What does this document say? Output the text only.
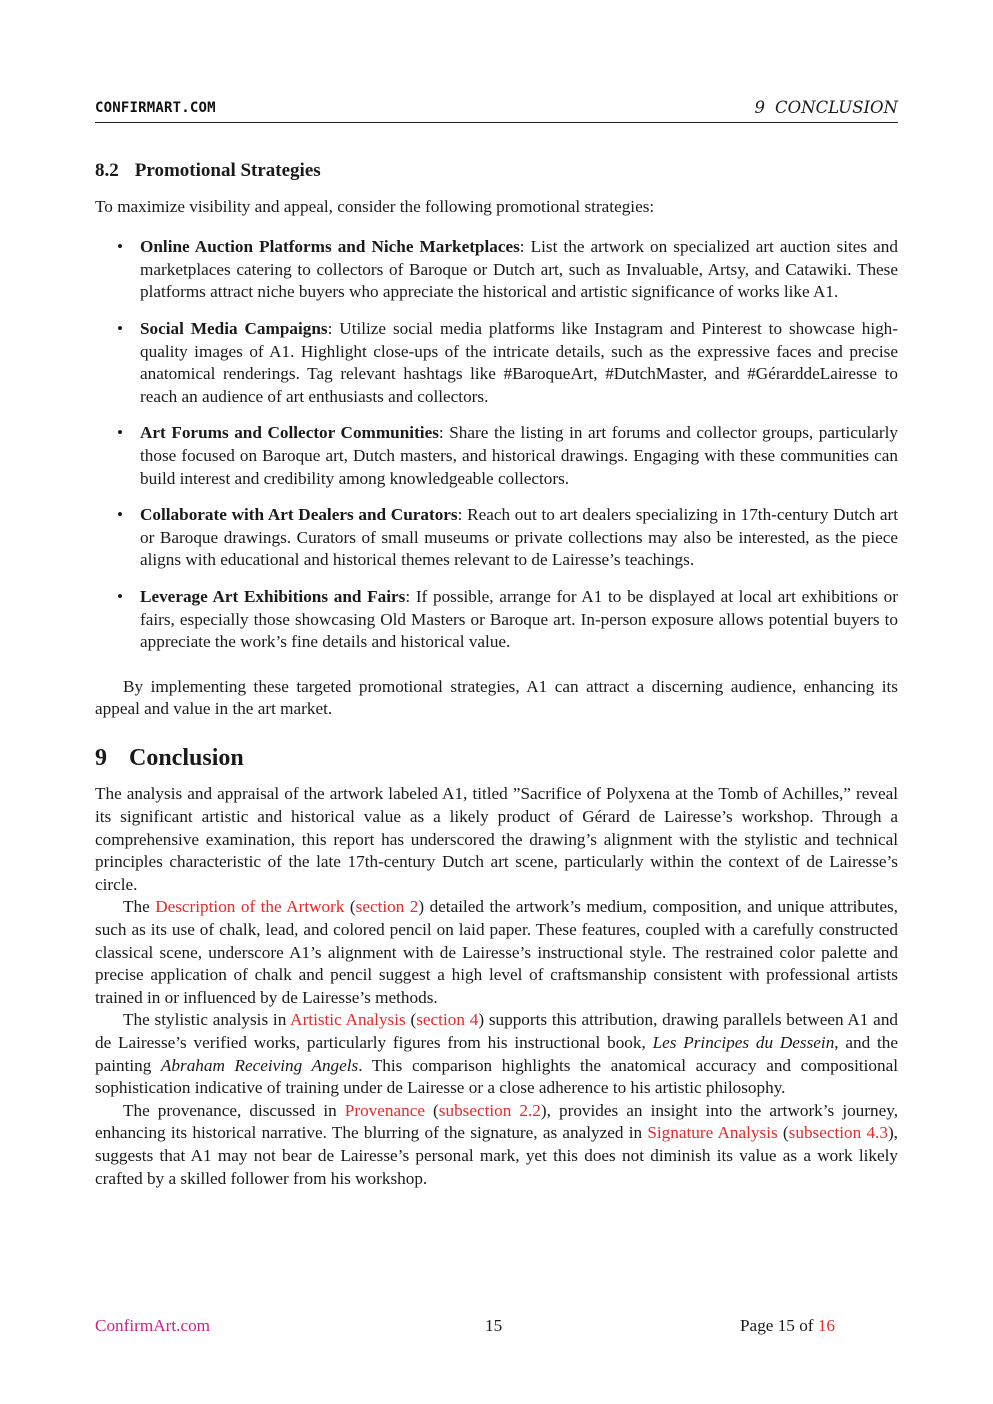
CONFIRMART.COM	9 CONCLUSION
8.2 Promotional Strategies

To maximize visibility and appeal, consider the following promotional strategies:

• Online Auction Platforms and Niche Marketplaces: List the artwork on specialized art auction sites and marketplaces catering to collectors of Baroque or Dutch art, such as Invaluable, Artsy, and Catawiki. These platforms attract niche buyers who appreciate the historical and artistic significance of works like A1.
• Social Media Campaigns: Utilize social media platforms like Instagram and Pinterest to showcase high-quality images of A1. Highlight close-ups of the intricate details, such as the expressive faces and precise anatomical renderings. Tag relevant hashtags like #BaroqueArt, #DutchMaster, and #GérarddeLairesse to reach an audience of art enthusiasts and collectors.
• Art Forums and Collector Communities: Share the listing in art forums and collector groups, particularly those focused on Baroque art, Dutch masters, and historical drawings. Engaging with these communities can build interest and credibility among knowledgeable collectors.
• Collaborate with Art Dealers and Curators: Reach out to art dealers specializing in 17th-century Dutch art or Baroque drawings. Curators of small museums or private collections may also be interested, as the piece aligns with educational and historical themes relevant to de Lairesse’s teachings.
• Leverage Art Exhibitions and Fairs: If possible, arrange for A1 to be displayed at local art exhibitions or fairs, especially those showcasing Old Masters or Baroque art. In-person exposure allows potential buyers to appreciate the work’s fine details and historical value.

By implementing these targeted promotional strategies, A1 can attract a discerning audience, enhancing its appeal and value in the art market.

9 Conclusion

The analysis and appraisal of the artwork labeled A1, titled ”Sacrifice of Polyxena at the Tomb of Achilles,” reveal its significant artistic and historical value as a likely product of Gérard de Lairesse’s workshop. Through a comprehensive examination, this report has underscored the drawing’s alignment with the stylistic and technical principles characteristic of the late 17th-century Dutch art scene, particularly within the context of de Lairesse’s circle.

The Description of the Artwork (section 2) detailed the artwork’s medium, composition, and unique attributes, such as its use of chalk, lead, and colored pencil on laid paper. These features, coupled with a carefully constructed classical scene, underscore A1’s alignment with de Lairesse’s instructional style. The restrained color palette and precise application of chalk and pencil suggest a high level of craftsmanship consistent with professional artists trained in or influenced by de Lairesse’s methods.

The stylistic analysis in Artistic Analysis (section 4) supports this attribution, drawing parallels between A1 and de Lairesse’s verified works, particularly figures from his instructional book, Les Principes du Dessein, and the painting Abraham Receiving Angels. This comparison highlights the anatomical accuracy and compositional sophistication indicative of training under de Lairesse or a close adherence to his artistic philosophy.

The provenance, discussed in Provenance (subsection 2.2), provides an insight into the artwork’s journey, enhancing its historical narrative. The blurring of the signature, as analyzed in Signature Analysis (subsection 4.3), suggests that A1 may not bear de Lairesse’s personal mark, yet this does not diminish its value as a work likely crafted by a skilled follower from his workshop.

ConfirmArt.com	15	Page 15 of 16
